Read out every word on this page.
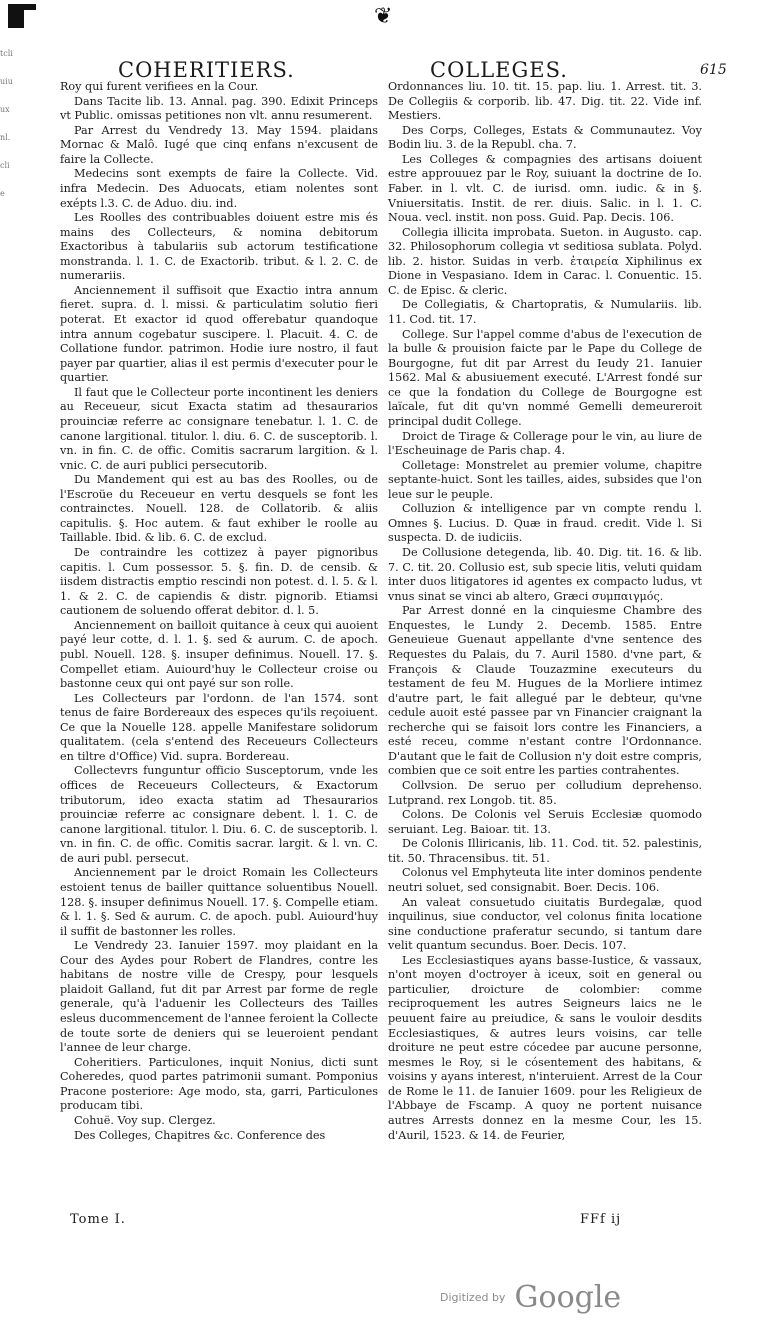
❦
tcliuiuuxnl.clie
COHERITIERS.	COLLEGES.	615

Roy qui furent verifiees en la Cour.

Dans Tacite lib. 13. Annal. pag. 390. Edixit Princeps vt Public. omissas petitiones non vlt. annu resumerent.

Par Arrest du Vendredy 13. May 1594. plaidans Mornac & Malô. Iugé que cinq enfans n'excusent de faire la Collecte.

Medecins sont exempts de faire la Collecte. Vid. infra Medecin. Des Aduocats, etiam nolentes sont exépts l.3. C. de Aduo. diu. ind.

Les Roolles des contribuables doiuent estre mis és mains des Collecteurs, & nomina debitorum Exactoribus à tabulariis sub actorum testificatione monstranda. l. 1. C. de Exactorib. tribut. & l. 2. C. de numerariis.

Anciennement il suffisoit que Exactio intra annum fieret. supra. d. l. missi. & particulatim solutio fieri poterat. Et exactor id quod offerebatur quandoque intra annum cogebatur suscipere. l. Placuit. 4. C. de Collatione fundor. patrimon. Hodie iure nostro, il faut payer par quartier, alias il est permis d'executer pour le quartier.

Il faut que le Collecteur porte incontinent les deniers au Receueur, sicut Exacta statim ad thesaurarios prouinciæ referre ac consignare tenebatur. l. 1. C. de canone largitional. titulor. l. diu. 6. C. de susceptorib. l. vn. in fin. C. de offic. Comitis sacrarum largition. & l. vnic. C. de auri publici persecutorib.

Du Mandement qui est au bas des Roolles, ou de l'Escroüe du Receueur en vertu desquels se font les contrainctes. Nouell. 128. de Collatorib. & aliis capitulis. §. Hoc autem. & faut exhiber le roolle au Taillable. Ibid. & lib. 6. C. de exclud.

De contraindre les cottizez à payer pignoribus capitis. l. Cum possessor. 5. §. fin. D. de censib. & iisdem distractis emptio rescindi non potest. d. l. 5. & l. 1. & 2. C. de capiendis & distr. pignorib. Etiamsi cautionem de soluendo offerat debitor. d. l. 5.

Anciennement on bailloit quitance à ceux qui auoient payé leur cotte, d. l. 1. §. sed & aurum. C. de apoch. publ. Nouell. 128. §. insuper definimus. Nouell. 17. §. Compellet etiam. Auiourd'huy le Collecteur croise ou bastonne ceux qui ont payé sur son rolle.

Les Collecteurs par l'ordonn. de l'an 1574. sont tenus de faire Bordereaux des especes qu'ils reçoiuent. Ce que la Nouelle 128. appelle Manifestare solidorum qualitatem. (cela s'entend des Receueurs Collecteurs en tiltre d'Office) Vid. supra. Bordereau.

Collectevrs funguntur officio Susceptorum, vnde les offices de Receueurs Collecteurs, & Exactorum tributorum, ideo exacta statim ad Thesaurarios prouinciæ referre ac consignare debent. l. 1. C. de canone largitional. titulor. l. Diu. 6. C. de susceptorib. l. vn. in fin. C. de offic. Comitis sacrar. largit. & l. vn. C. de auri publ. persecut.

Anciennement par le droict Romain les Collecteurs estoient tenus de bailler quittance soluentibus Nouell. 128. §. insuper definimus Nouell. 17. §. Compelle etiam. & l. 1. §. Sed & aurum. C. de apoch. publ. Auiourd'huy il suffit de bastonner les rolles.

Le Vendredy 23. Ianuier 1597. moy plaidant en la Cour des Aydes pour Robert de Flandres, contre les habitans de nostre ville de Crespy, pour lesquels plaidoit Galland, fut dit par Arrest par forme de regle generale, qu'à l'aduenir les Collecteurs des Tailles esleus ducommencement de l'annee feroient la Collecte de toute sorte de deniers qui se leueroient pendant l'annee de leur charge.

Coheritiers. Particulones, inquit Nonius, dicti sunt Coheredes, quod partes patrimonii sumant. Pomponius Pracone posteriore: Age modo, sta, garri, Particulones producam tibi.

Cohuë. Voy sup. Clergez.

Des Colleges, Chapitres &c. Conference des

Ordonnances liu. 10. tit. 15. pap. liu. 1. Arrest. tit. 3. De Collegiis & corporib. lib. 47. Dig. tit. 22. Vide inf. Mestiers.

Des Corps, Colleges, Estats & Communautez. Voy Bodin liu. 3. de la Republ. cha. 7.

Les Colleges & compagnies des artisans doiuent estre approuuez par le Roy, suiuant la doctrine de Io. Faber. in l. vlt. C. de iurisd. omn. iudic. & in §. Vniuersitatis. Instit. de rer. diuis. Salic. in l. 1. C. Noua. vecl. instit. non poss. Guid. Pap. Decis. 106.

Collegia illicita improbata. Sueton. in Augusto. cap. 32. Philosophorum collegia vt seditiosa sublata. Polyd. lib. 2. histor. Suidas in verb. ἐταιρεία Xiphilinus ex Dione in Vespasiano. Idem in Carac. l. Conuentic. 15. C. de Episc. & cleric.

De Collegiatis, & Chartopratis, & Numulariis. lib. 11. Cod. tit. 17.

College. Sur l'appel comme d'abus de l'execution de la bulle & prouision faicte par le Pape du College de Bourgogne, fut dit par Arrest du Ieudy 21. Ianuier 1562. Mal & abusiuement executé. L'Arrest fondé sur ce que la fondation du College de Bourgogne est laïcale, fut dit qu'vn nommé Gemelli demeureroit principal dudit College.

Droict de Tirage & Collerage pour le vin, au liure de l'Escheuinage de Paris chap. 4.

Colletage: Monstrelet au premier volume, chapitre septante-huict. Sont les tailles, aides, subsides que l'on leue sur le peuple.

Colluzion & intelligence par vn compte rendu l. Omnes §. Lucius. D. Quæ in fraud. credit. Vide l. Si suspecta. D. de iudiciis.

De Collusione detegenda, lib. 40. Dig. tit. 16. & lib. 7. C. tit. 20. Collusio est, sub specie litis, veluti quidam inter duos litigatores id agentes ex compacto ludus, vt vnus sinat se vinci ab altero, Græci συμπαιγμός.

Par Arrest donné en la cinquiesme Chambre des Enquestes, le Lundy 2. Decemb. 1585. Entre Geneuieue Guenaut appellante d'vne sentence des Requestes du Palais, du 7. Auril 1580. d'vne part, & François & Claude Touzazmine executeurs du testament de feu M. Hugues de la Morliere intimez d'autre part, le fait allegué par le debteur, qu'vne cedule auoit esté passee par vn Financier craignant la recherche qui se faisoit lors contre les Financiers, a esté receu, comme n'estant contre l'Ordonnance. D'autant que le fait de Collusion n'y doit estre compris, combien que ce soit entre les parties contrahentes.

Collvsion. De seruo per colludium deprehenso. Lutprand. rex Longob. tit. 85.

Colons. De Colonis vel Seruis Ecclesiæ quomodo seruiant. Leg. Baioar. tit. 13.

De Colonis Illiricanis, lib. 11. Cod. tit. 52. palestinis, tit. 50. Thracensibus. tit. 51.

Colonus vel Emphyteuta lite inter dominos pendente neutri soluet, sed consignabit. Boer. Decis. 106.

An valeat consuetudo ciuitatis Burdegalæ, quod inquilinus, siue conductor, vel colonus finita locatione sine conductione praferatur secundo, si tantum dare velit quantum secundus. Boer. Decis. 107.

Les Ecclesiastiques ayans basse-Iustice, & vassaux, n'ont moyen d'octroyer à iceux, soit en general ou particulier, droicture de colombier: comme reciproquement les autres Seigneurs laics ne le peuuent faire au preiudice, & sans le vouloir desdits Ecclesiastiques, & autres leurs voisins, car telle droiture ne peut estre cócedee par aucune personne, mesmes le Roy, si le cósentement des habitans, & voisins y ayans interest, n'interuient. Arrest de la Cour de Rome le 11. de Ianuier 1609. pour les Religieux de l'Abbaye de Fscamp. A quoy ne portent nuisance autres Arrests donnez en la mesme Cour, les 15. d'Auril, 1523. & 14. de Feurier,

Tome I.	FFf ij
Digitized by Google
